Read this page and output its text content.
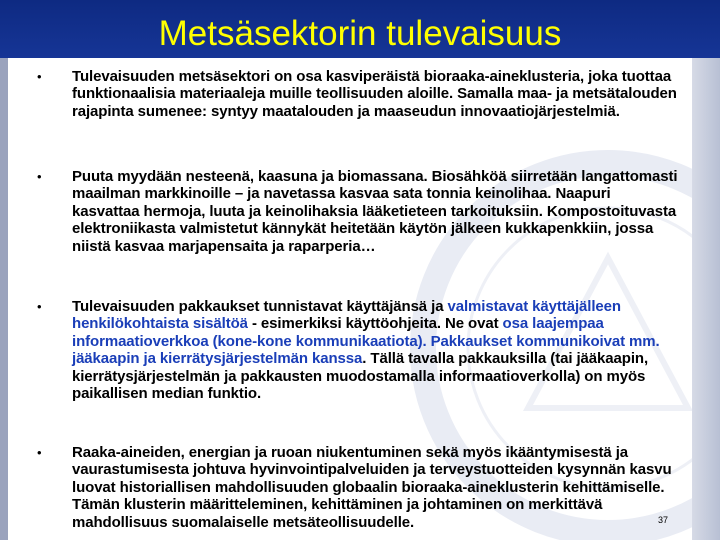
Metsäsektorin tulevaisuus
• Tulevaisuuden metsäsektori on osa kasviperäistä bioraaka-aineklusteria, joka tuottaa funktionaalisia materiaaleja muille teollisuuden aloille. Samalla maa- ja metsätalouden rajapinta sumenee: syntyy maatalouden ja maaseudun innovaatiojärjestelmiä.

• Puuta myydään nesteenä, kaasuna ja biomassana. Biosähköä siirretään langattomasti maailman markkinoille – ja navetassa kasvaa sata tonnia keinolihaa. Naapuri kasvattaa hermoja, luuta ja keinolihaksia lääketieteen tarkoituksiin. Kompostoituvasta elektroniikasta valmistetut kännykät heitetään käytön jälkeen kukkapenkkiin, jossa niistä kasvaa marjapensaita ja raparperia…

• Tulevaisuuden pakkaukset tunnistavat käyttäjänsä ja valmistavat käyttäjälleen henkilökohtaista sisältöä - esimerkiksi käyttöohjeita. Ne ovat osa laajempaa informaatioverkkoa (kone-kone kommunikaatiota). Pakkaukset kommunikoivat mm. jääkaapin ja kierrätysjärjestelmän kanssa. Tällä tavalla pakkauksilla (tai jääkaapin, kierrätysjärjestelmän ja pakkausten muodostamalla informaatioverkolla) on myös paikallisen median funktio.

• Raaka-aineiden, energian ja ruoan niukentuminen sekä myös ikääntymisestä ja vaurastumisesta johtuva hyvinvointipalveluiden ja terveystuotteiden kysynnän kasvu luovat historiallisen mahdollisuuden globaalin bioraaka-aineklusterin kehittämiselle. Tämän klusterin määritteleminen, kehittäminen ja johtaminen on merkittävä mahdollisuus suomalaiselle metsäteollisuudelle.	37
